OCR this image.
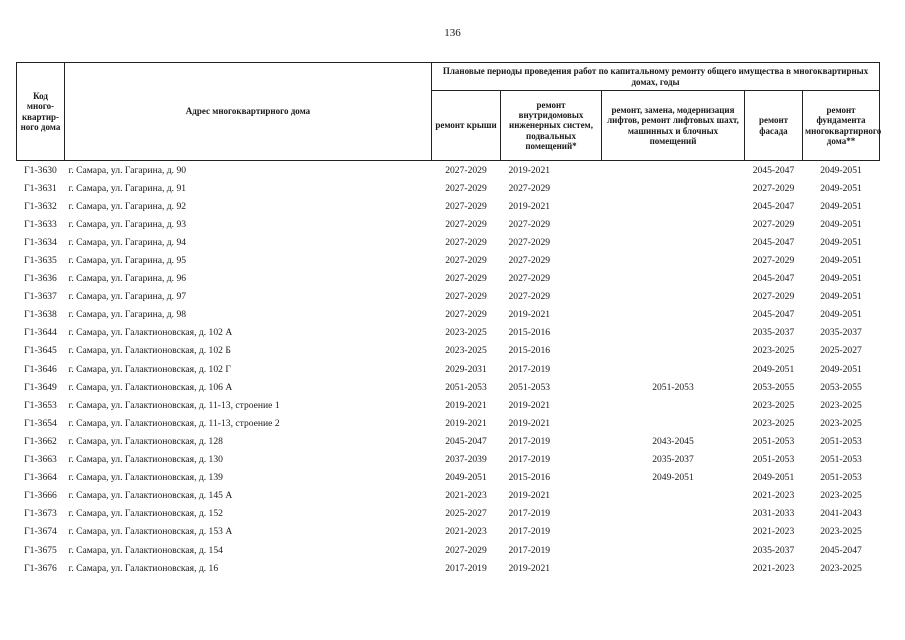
136
Код много-квартир-ного дома	Адрес многоквартирного дома	Плановые периоды проведения работ по капитальному ремонту общего имущества в многоквартирных домах, годы				
		ремонт крыши	ремонт внутридомовых инженерных систем, подвальных помещений*	ремонт, замена, модернизация лифтов, ремонт лифтовых шахт, машинных и блочных помещений	ремонт фасада	ремонт фундамента многоквартирного дома**
Г1-3630	г. Самара, ул. Гагарина, д. 90	2027-2029	2019-2021		2045-2047	2049-2051
Г1-3631	г. Самара, ул. Гагарина, д. 91	2027-2029	2027-2029		2027-2029	2049-2051
Г1-3632	г. Самара, ул. Гагарина, д. 92	2027-2029	2019-2021		2045-2047	2049-2051
Г1-3633	г. Самара, ул. Гагарина, д. 93	2027-2029	2027-2029		2027-2029	2049-2051
Г1-3634	г. Самара, ул. Гагарина, д. 94	2027-2029	2027-2029		2045-2047	2049-2051
Г1-3635	г. Самара, ул. Гагарина, д. 95	2027-2029	2027-2029		2027-2029	2049-2051
Г1-3636	г. Самара, ул. Гагарина, д. 96	2027-2029	2027-2029		2045-2047	2049-2051
Г1-3637	г. Самара, ул. Гагарина, д. 97	2027-2029	2027-2029		2027-2029	2049-2051
Г1-3638	г. Самара, ул. Гагарина, д. 98	2027-2029	2019-2021		2045-2047	2049-2051
Г1-3644	г. Самара, ул. Галактионовская, д. 102 А	2023-2025	2015-2016		2035-2037	2035-2037
Г1-3645	г. Самара, ул. Галактионовская, д. 102 Б	2023-2025	2015-2016		2023-2025	2025-2027
Г1-3646	г. Самара, ул. Галактионовская, д. 102 Г	2029-2031	2017-2019		2049-2051	2049-2051
Г1-3649	г. Самара, ул. Галактионовская, д. 106 А	2051-2053	2051-2053	2051-2053	2053-2055	2053-2055
Г1-3653	г. Самара, ул. Галактионовская, д. 11-13, строение 1	2019-2021	2019-2021		2023-2025	2023-2025
Г1-3654	г. Самара, ул. Галактионовская, д. 11-13, строение 2	2019-2021	2019-2021		2023-2025	2023-2025
Г1-3662	г. Самара, ул. Галактионовская, д. 128	2045-2047	2017-2019	2043-2045	2051-2053	2051-2053
Г1-3663	г. Самара, ул. Галактионовская, д. 130	2037-2039	2017-2019	2035-2037	2051-2053	2051-2053
Г1-3664	г. Самара, ул. Галактионовская, д. 139	2049-2051	2015-2016	2049-2051	2049-2051	2051-2053
Г1-3666	г. Самара, ул. Галактионовская, д. 145 А	2021-2023	2019-2021		2021-2023	2023-2025
Г1-3673	г. Самара, ул. Галактионовская, д. 152	2025-2027	2017-2019		2031-2033	2041-2043
Г1-3674	г. Самара, ул. Галактионовская, д. 153 А	2021-2023	2017-2019		2021-2023	2023-2025
Г1-3675	г. Самара, ул. Галактионовская, д. 154	2027-2029	2017-2019		2035-2037	2045-2047
Г1-3676	г. Самара, ул. Галактионовская, д. 16	2017-2019	2019-2021		2021-2023	2023-2025
